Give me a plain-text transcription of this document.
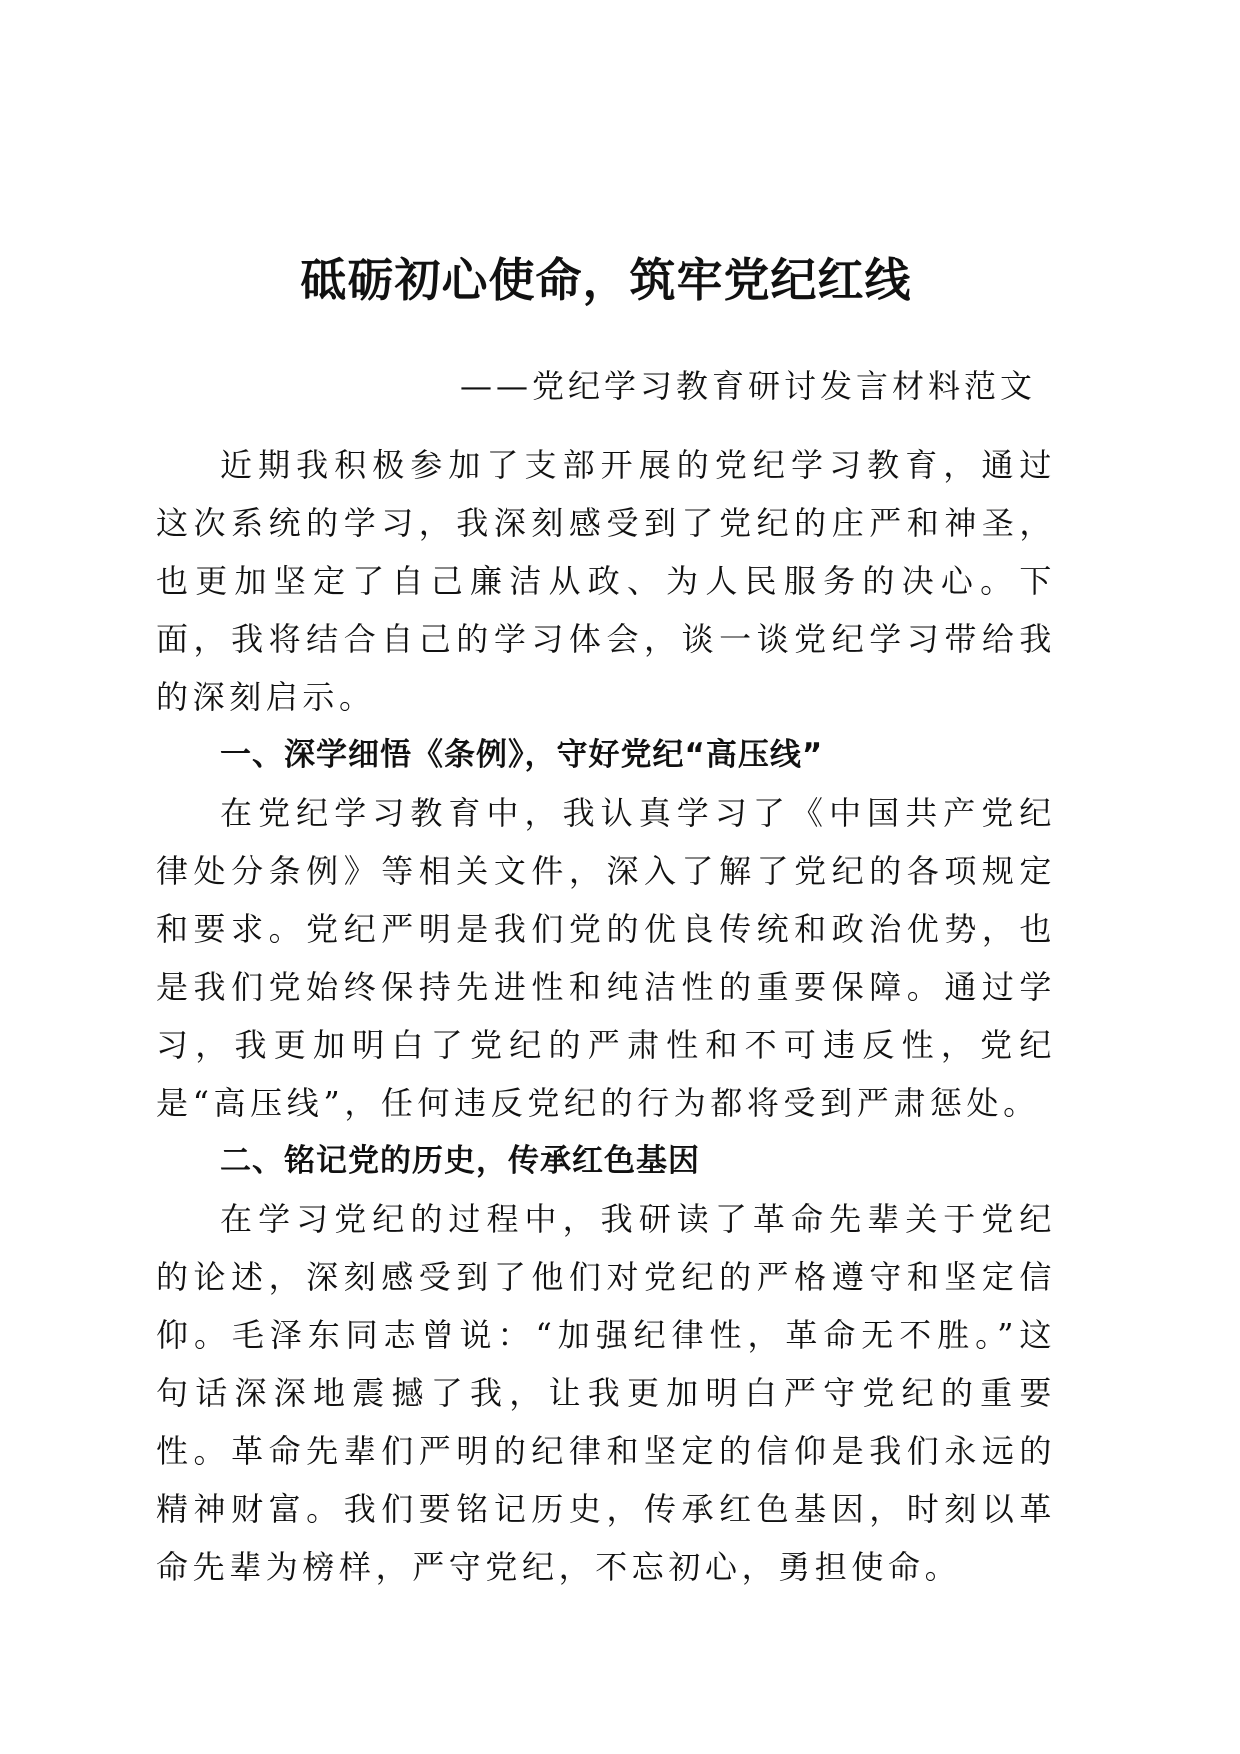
砥砺初心使命，筑牢党纪红线
——党纪学习教育研讨发言材料范文

近期我积极参加了支部开展的党纪学习教育，通过这次系统的学习，我深刻感受到了党纪的庄严和神圣，也更加坚定了自己廉洁从政、为人民服务的决心。下面，我将结合自己的学习体会，谈一谈党纪学习带给我的深刻启示。

一、深学细悟《条例》，守好党纪“高压线”

在党纪学习教育中，我认真学习了《中国共产党纪律处分条例》等相关文件，深入了解了党纪的各项规定和要求。党纪严明是我们党的优良传统和政治优势，也是我们党始终保持先进性和纯洁性的重要保障。通过学习，我更加明白了党纪的严肃性和不可违反性，党纪是“高压线”，任何违反党纪的行为都将受到严肃惩处。

二、铭记党的历史，传承红色基因

在学习党纪的过程中，我研读了革命先辈关于党纪的论述，深刻感受到了他们对党纪的严格遵守和坚定信仰。毛泽东同志曾说：“加强纪律性，革命无不胜。”这句话深深地震撼了我，让我更加明白严守党纪的重要性。革命先辈们严明的纪律和坚定的信仰是我们永远的精神财富。我们要铭记历史，传承红色基因，时刻以革命先辈为榜样，严守党纪，不忘初心，勇担使命。
